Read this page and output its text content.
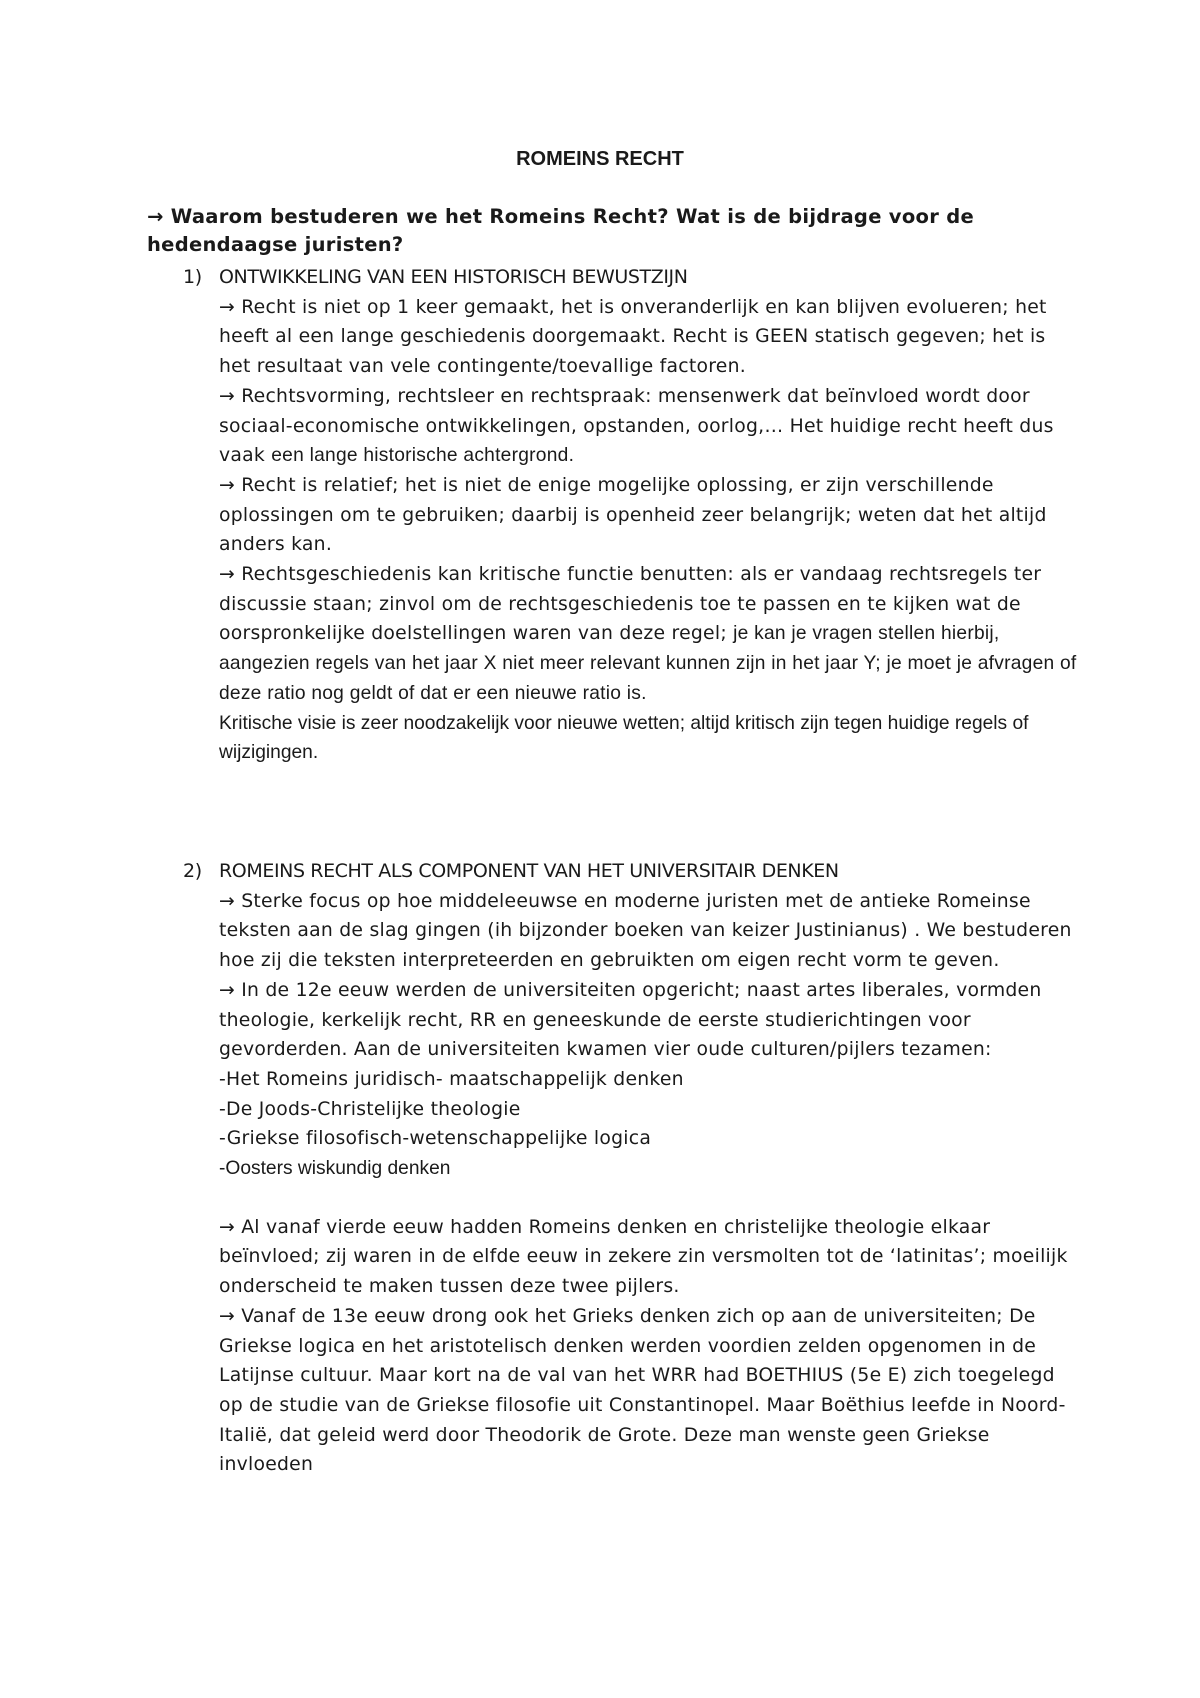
ROMEINS RECHT
→ Waarom bestuderen we het Romeins Recht? Wat is de bijdrage voor de hedendaagse juristen?
1) ONTWIKKELING VAN EEN HISTORISCH BEWUSTZIJN

→ Recht is niet op 1 keer gemaakt, het is onveranderlijk en kan blijven evolueren; het heeft al een lange geschiedenis doorgemaakt. Recht is GEEN statisch gegeven; het is het resultaat van vele contingente/toevallige factoren.

→ Rechtsvorming, rechtsleer en rechtspraak: mensenwerk dat beïnvloed wordt door sociaal-economische ontwikkelingen, opstanden, oorlog,… Het huidige recht heeft dus vaak een lange historische achtergrond.

→ Recht is relatief; het is niet de enige mogelijke oplossing, er zijn verschillende oplossingen om te gebruiken; daarbij is openheid zeer belangrijk; weten dat het altijd anders kan.

→ Rechtsgeschiedenis kan kritische functie benutten: als er vandaag rechtsregels ter discussie staan; zinvol om de rechtsgeschiedenis toe te passen en te kijken wat de oorspronkelijke doelstellingen waren van deze regel; je kan je vragen stellen hierbij, aangezien regels van het jaar X niet meer relevant kunnen zijn in het jaar Y; je moet je afvragen of deze ratio nog geldt of dat er een nieuwe ratio is.

Kritische visie is zeer noodzakelijk voor nieuwe wetten; altijd kritisch zijn tegen huidige regels of wijzigingen.

2) ROMEINS RECHT ALS COMPONENT VAN HET UNIVERSITAIR DENKEN

→ Sterke focus op hoe middeleeuwse en moderne juristen met de antieke Romeinse teksten aan de slag gingen (ih bijzonder boeken van keizer Justinianus) . We bestuderen hoe zij die teksten interpreteerden en gebruikten om eigen recht vorm te geven.

→ In de 12e eeuw werden de universiteiten opgericht; naast artes liberales, vormden theologie, kerkelijk recht, RR en geneeskunde de eerste studierichtingen voor gevorderden. Aan de universiteiten kwamen vier oude culturen/pijlers tezamen:

-Het Romeins juridisch- maatschappelijk denken

-De Joods-Christelijke theologie

-Griekse filosofisch-wetenschappelijke logica

-Oosters wiskundig denken

→ Al vanaf vierde eeuw hadden Romeins denken en christelijke theologie elkaar beïnvloed; zij waren in de elfde eeuw in zekere zin versmolten tot de ‘latinitas’; moeilijk onderscheid te maken tussen deze twee pijlers.

→ Vanaf de 13e eeuw drong ook het Grieks denken zich op aan de universiteiten; De Griekse logica en het aristotelisch denken werden voordien zelden opgenomen in de Latijnse cultuur. Maar kort na de val van het WRR had BOETHIUS (5e E) zich toegelegd op de studie van de Griekse filosofie uit Constantinopel. Maar Boëthius leefde in Noord-Italië, dat geleid werd door Theodorik de Grote. Deze man wenste geen Griekse invloeden
